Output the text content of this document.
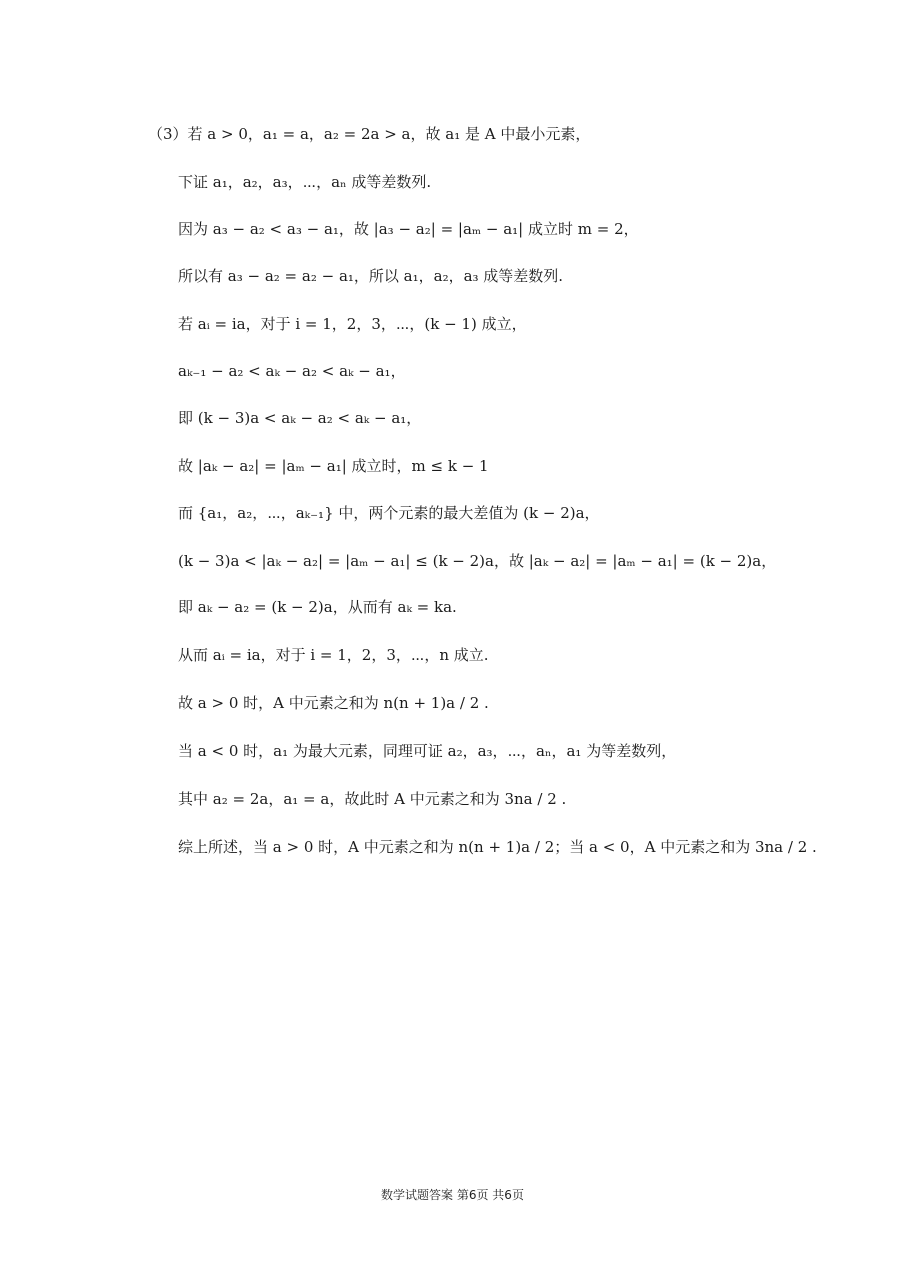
（3）若 a > 0，a₁ = a，a₂ = 2a > a，故 a₁ 是 A 中最小元素，
下证 a₁，a₂，a₃，⋯，aₙ 成等差数列.
因为 a₃ − a₂ < a₃ − a₁，故 |a₃ − a₂| = |aₘ − a₁| 成立时 m = 2，
所以有 a₃ − a₂ = a₂ − a₁，所以 a₁，a₂，a₃ 成等差数列.
若 aᵢ = ia，对于 i = 1，2，3，⋯，(k − 1) 成立，
aₖ₋₁ − a₂ < aₖ − a₂ < aₖ − a₁，
即 (k − 3)a < aₖ − a₂ < aₖ − a₁，
故 |aₖ − a₂| = |aₘ − a₁| 成立时，m ≤ k − 1
而 {a₁，a₂，⋯，aₖ₋₁} 中，两个元素的最大差值为 (k − 2)a，
(k − 3)a < |aₖ − a₂| = |aₘ − a₁| ≤ (k − 2)a，故 |aₖ − a₂| = |aₘ − a₁| = (k − 2)a，
即 aₖ − a₂ = (k − 2)a，从而有 aₖ = ka.
从而 aᵢ = ia，对于 i = 1，2，3，⋯，n 成立.
故 a > 0 时，A 中元素之和为 n(n + 1)a / 2 .
当 a < 0 时，a₁ 为最大元素，同理可证 a₂，a₃，⋯，aₙ，a₁ 为等差数列，
其中 a₂ = 2a，a₁ = a，故此时 A 中元素之和为 3na / 2 .
综上所述，当 a > 0 时，A 中元素之和为 n(n + 1)a / 2；当 a < 0，A 中元素之和为 3na / 2 .
数学试题答案 第6页 共6页
